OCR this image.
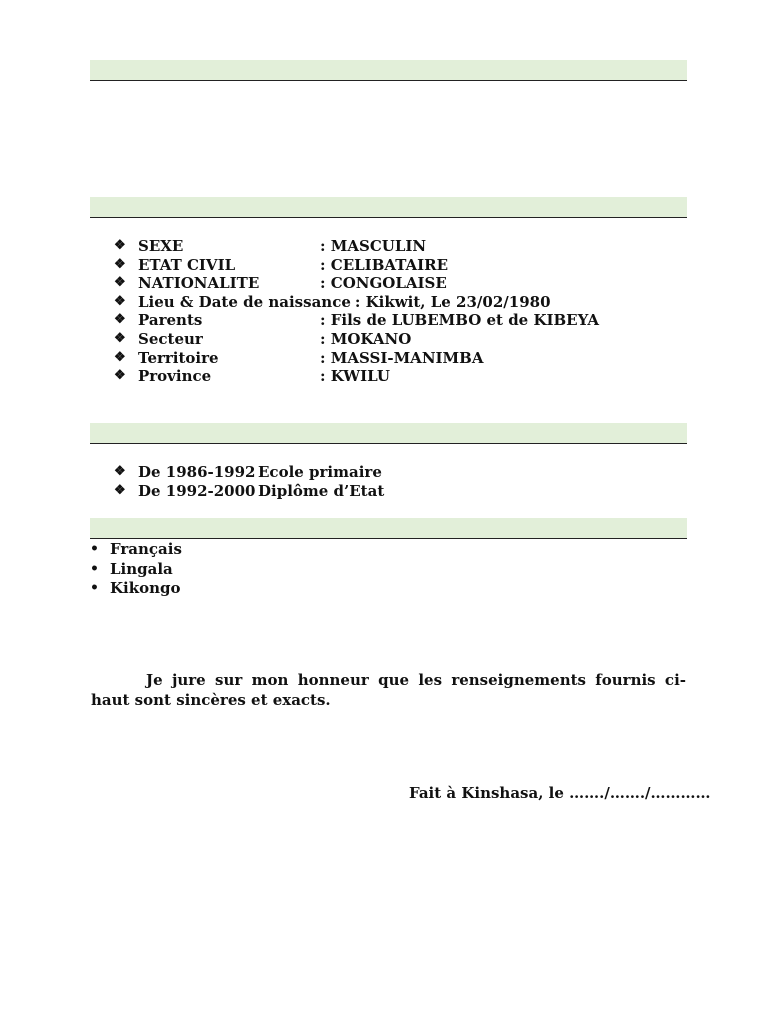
❖ SEXE	: MASCULIN
❖ ETAT CIVIL	: CELIBATAIRE
❖ NATIONALITE	: CONGOLAISE
❖ Lieu & Date de naissance : Kikwit, Le 23/02/1980
❖ Parents	: Fils de LUBEMBO et de KIBEYA
❖ Secteur	: MOKANO
❖ Territoire	: MASSI-MANIMBA
❖ Province	: KWILU
❖ De 1986-1992 Ecole primaire
❖ De 1992-2000 Diplôme d’Etat
• Français
• Lingala
• Kikongo

Je jure sur mon honneur que les renseignements fournis ci-haut sont sincères et exacts.

Fait à Kinshasa, le ……./……./…………
